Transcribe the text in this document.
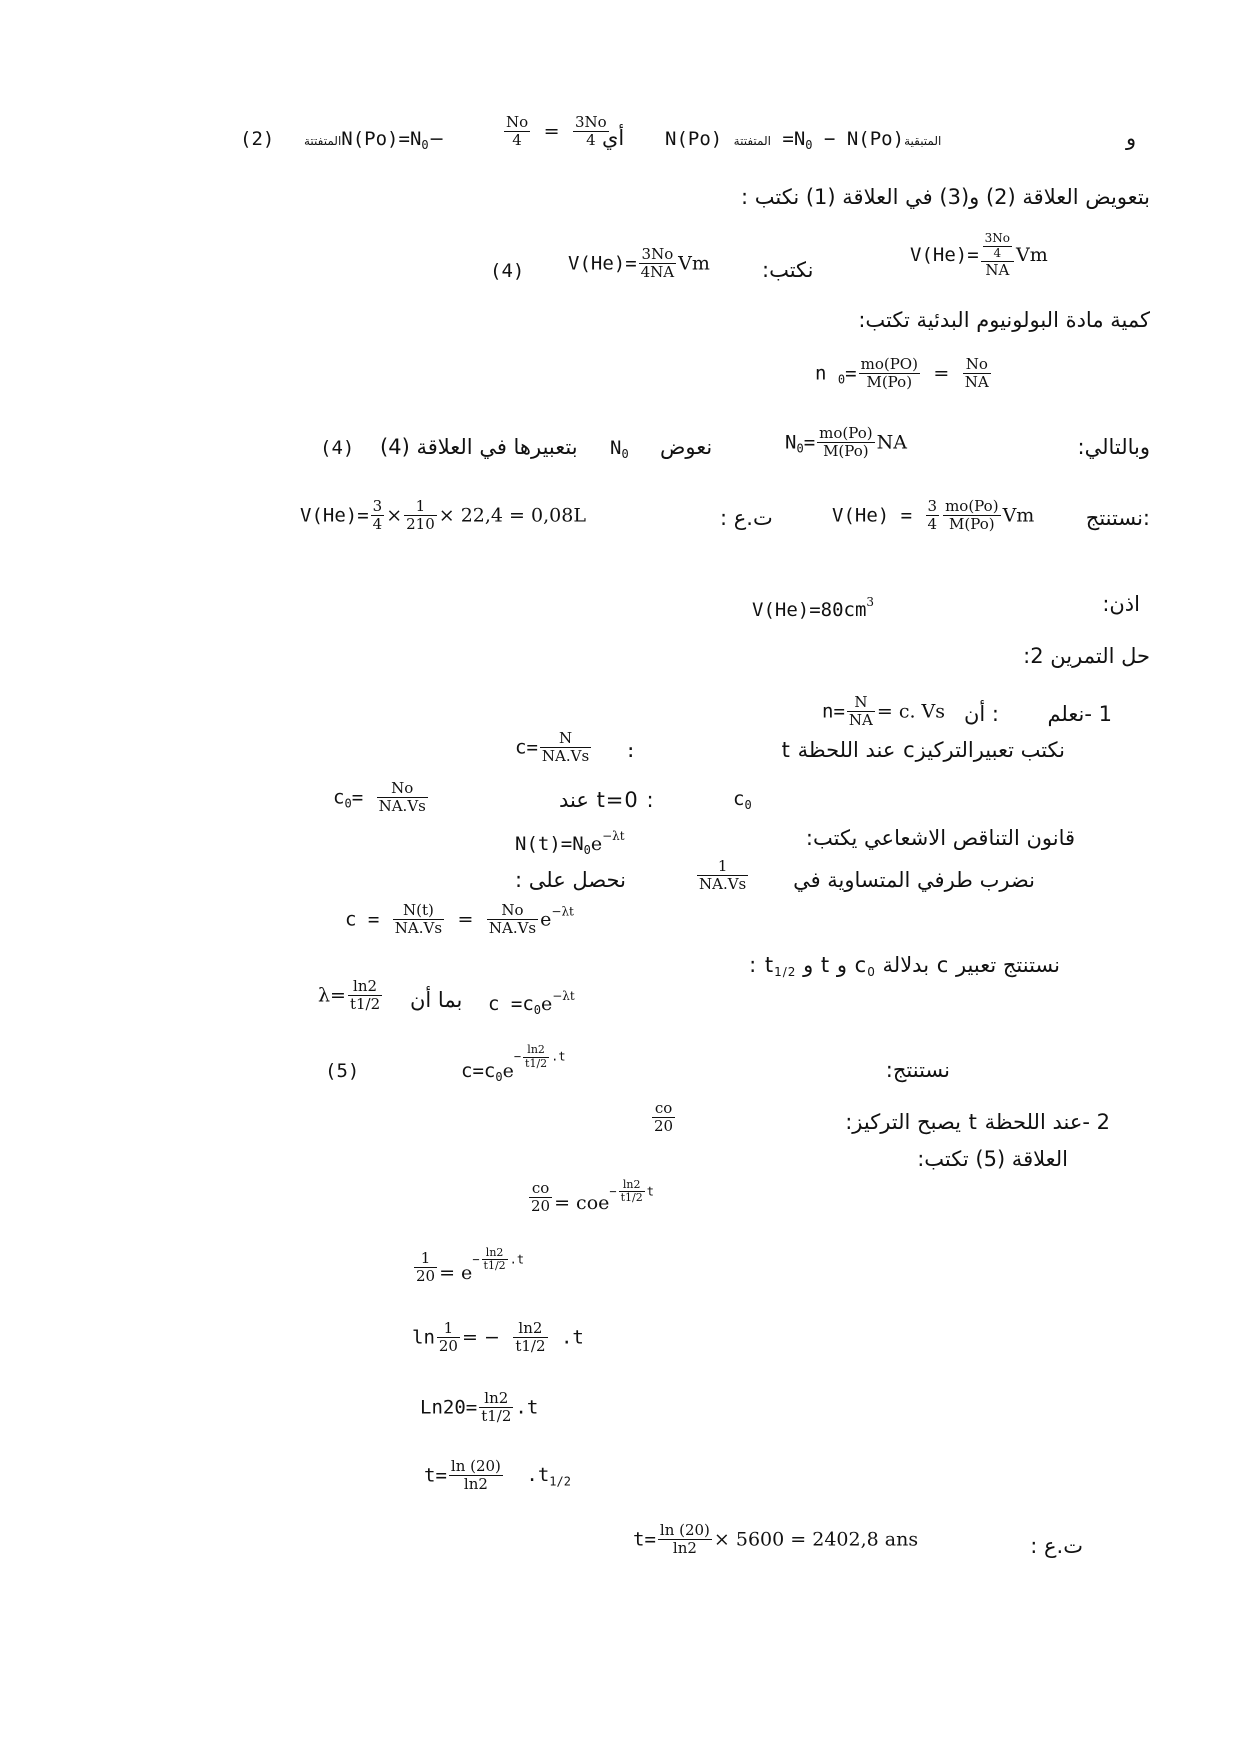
(2) $المتفتتةN(Po)=N_0-$	$\frac{No}{4} = \frac{3No}{4}$
أي N(Po) المتفتتة $=N_0$ − N(Po)المتبقية	و
بتعويض العلاقة (2) و(3) في العلاقة (1) نكتب :
(4) $V(He)= \frac{3No}{4NA}$ Vm نكتب:
$V(He)= \frac{\frac{3No}{4}}{NA}$ Vm
كمية مادة البولونيوم البدئية تكتب:
n $_0= \frac{mo(PO)}{M(Po)} = \frac{No}{NA}$
(4) بتعبيرها في العلاقة (4) $N_0$ نعوض	$N_0= \frac{mo(Po)}{M(Po)}$ NA	وبالتالي:
$V(He)= \frac{3}{4} \times \frac{1}{210} \times 22,4 = 0,08L$	ت.ع :	$V(He) = \frac{3}{4} \frac{mo(Po)}{M(Po)}$ Vm :نستنتج
$V(He)=80cm^3$	اذن:
حل التمرين 2:
$n= \frac{N}{NA} = c$. Vs : أن 1 -نعلم
$c= \frac{N}{NA.Vs}$ :	نكتب تعبيرالتركيزc عند اللحظة t
$c_0= \frac{No}{NA.Vs}$	: t=0 عند	$c_0$
$N(t)=N_0e^{-\lambda t}$	قانون التناقص الاشعاعي يكتب:
نحصل على :	$\frac{1}{NA.Vs}$ نضرب طرفي المتساوية في
$c = \frac{N(t)}{NA.Vs} = \frac{No}{NA.Vs} e^{-\lambda t}$
نستنتج تعبير c بدلالة $c_0$ و t و $t_{1/2}$ :
$\lambda= \frac{\ln 2}{t1/2}$ بما أن $c =c_0e^{-\lambda t}$
(5)	$c=c_0e- \frac{\ln 2}{t1/2} .t$
نستنتج:
$\frac{co}{20}$	2 -عند اللحظة t يصبح التركيز:
العلاقة (5) تكتب:
$\frac{co}{20} = coe- \frac{\ln 2}{t1/2}$ t
$\frac{1}{20} = e- \frac{\ln 2}{t1/2} .t$
$\ln \frac{1}{20}$ = − $\frac{\ln 2}{t1/2} .t$
$Ln20= \frac{\ln 2}{t1/2} .t$
$t= \frac{\ln (20)}{\ln 2} .t_{1/2}$
$t= \frac{\ln (20)}{\ln 2} \times 5600 = 2402,8$ ans	ت.ع :
